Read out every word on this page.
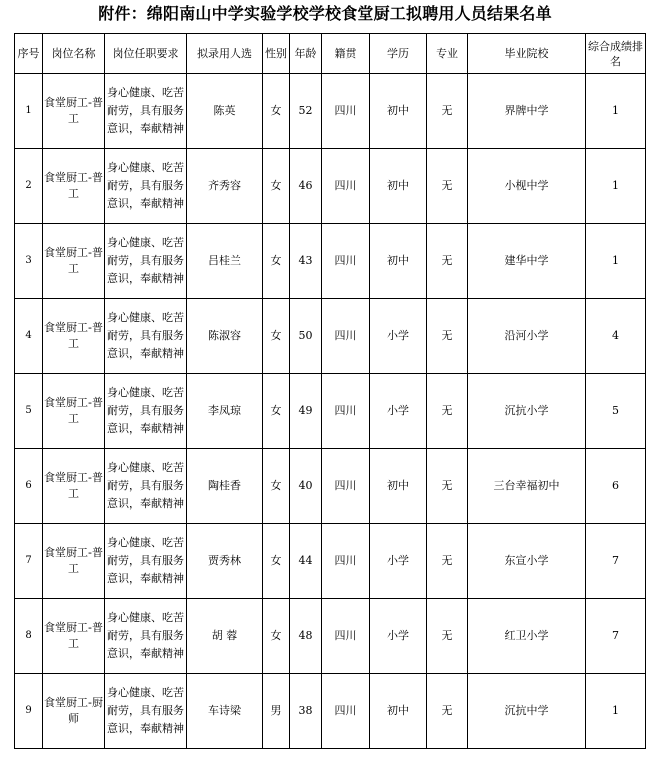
附件：绵阳南山中学实验学校学校食堂厨工拟聘用人员结果名单
序号	岗位名称	岗位任职要求	拟录用人选	性别	年龄	籍贯	学历	专业	毕业院校	综合成绩排名
1	食堂厨工-普工	身心健康、吃苦耐劳，具有服务意识，奉献精神	陈英	女	52	四川	初中	无	界牌中学	1
2	食堂厨工-普工	身心健康、吃苦耐劳，具有服务意识，奉献精神	齐秀容	女	46	四川	初中	无	小枧中学	1
3	食堂厨工-普工	身心健康、吃苦耐劳，具有服务意识，奉献精神	吕桂兰	女	43	四川	初中	无	建华中学	1
4	食堂厨工-普工	身心健康、吃苦耐劳，具有服务意识，奉献精神	陈淑容	女	50	四川	小学	无	沿河小学	4
5	食堂厨工-普工	身心健康、吃苦耐劳，具有服务意识，奉献精神	李凤琼	女	49	四川	小学	无	沉抗小学	5
6	食堂厨工-普工	身心健康、吃苦耐劳，具有服务意识，奉献精神	陶桂香	女	40	四川	初中	无	三台幸福初中	6
7	食堂厨工-普工	身心健康、吃苦耐劳，具有服务意识，奉献精神	贾秀林	女	44	四川	小学	无	东宣小学	7
8	食堂厨工-普工	身心健康、吃苦耐劳，具有服务意识，奉献精神	胡 蓉	女	48	四川	小学	无	红卫小学	7
9	食堂厨工-厨师	身心健康、吃苦耐劳，具有服务意识，奉献精神	车诗梁	男	38	四川	初中	无	沉抗中学	1
